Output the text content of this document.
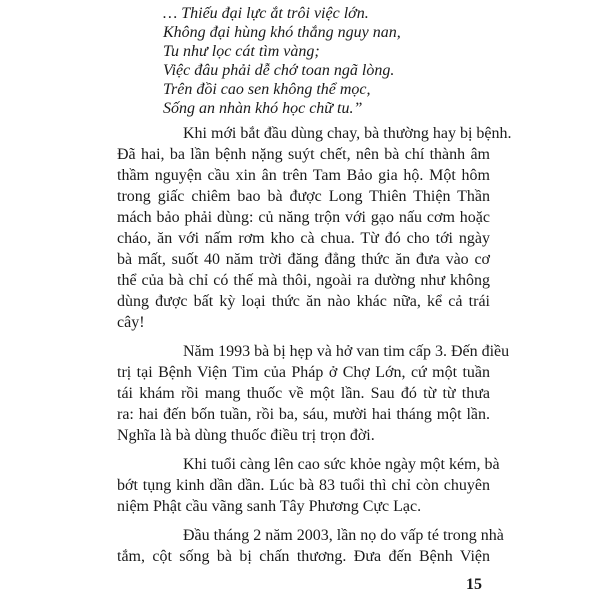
… Thiếu đại lực ắt trôi việc lớn.
Không đại hùng khó thắng nguy nan,
Tu như lọc cát tìm vàng;
Việc đâu phải dễ chớ toan ngã lòng.
Trên đồi cao sen không thể mọc,
Sống an nhàn khó học chữ tu.”
Khi mới bắt đầu dùng chay, bà thường hay bị bệnh.
Đã hai, ba lần bệnh nặng suýt chết, nên bà chí thành âm
thầm nguyện cầu xin ân trên Tam Bảo gia hộ. Một hôm
trong giấc chiêm bao bà được Long Thiên Thiện Thần
mách bảo phải dùng: củ năng trộn với gạo nấu cơm hoặc
cháo, ăn với nấm rơm kho cà chua. Từ đó cho tới ngày
bà mất, suốt 40 năm trời đăng đẳng thức ăn đưa vào cơ
thể của bà chỉ có thế mà thôi, ngoài ra dường như không
dùng được bất kỳ loại thức ăn nào khác nữa, kể cả trái
cây!
Năm 1993 bà bị hẹp và hở van tim cấp 3. Đến điều
trị tại Bệnh Viện Tim của Pháp ở Chợ Lớn, cứ một tuần
tái khám rồi mang thuốc về một lần. Sau đó từ từ thưa
ra: hai đến bốn tuần, rồi ba, sáu, mười hai tháng một lần.
Nghĩa là bà dùng thuốc điều trị trọn đời.
Khi tuổi càng lên cao sức khỏe ngày một kém, bà
bớt tụng kinh dần dần. Lúc bà 83 tuổi thì chỉ còn chuyên
niệm Phật cầu vãng sanh Tây Phương Cực Lạc.
Đầu tháng 2 năm 2003, lần nọ do vấp té trong nhà
tắm, cột sống bà bị chấn thương. Đưa đến Bệnh Viện
15
